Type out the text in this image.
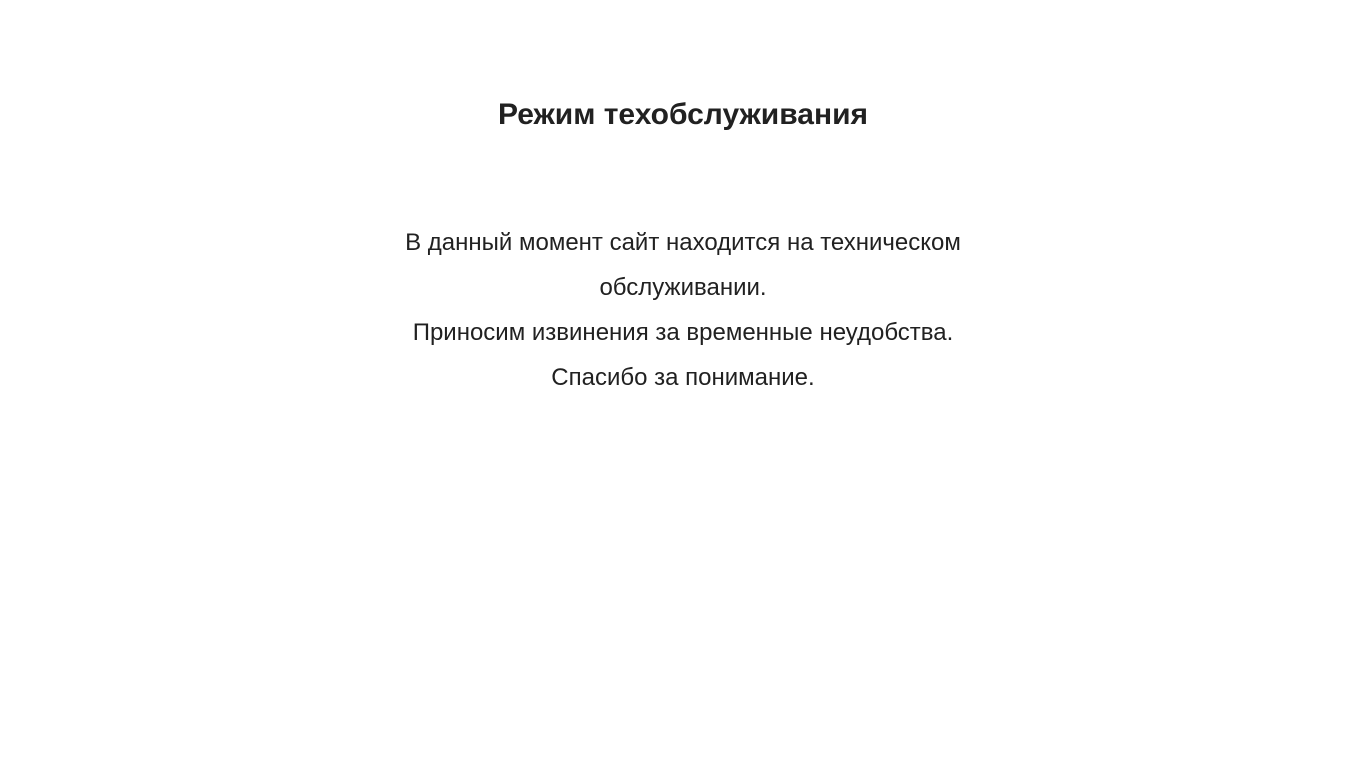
Режим техобслуживания

В данный момент сайт находится на техническом обслуживании.

Приносим извинения за временные неудобства.

Спасибо за понимание.
